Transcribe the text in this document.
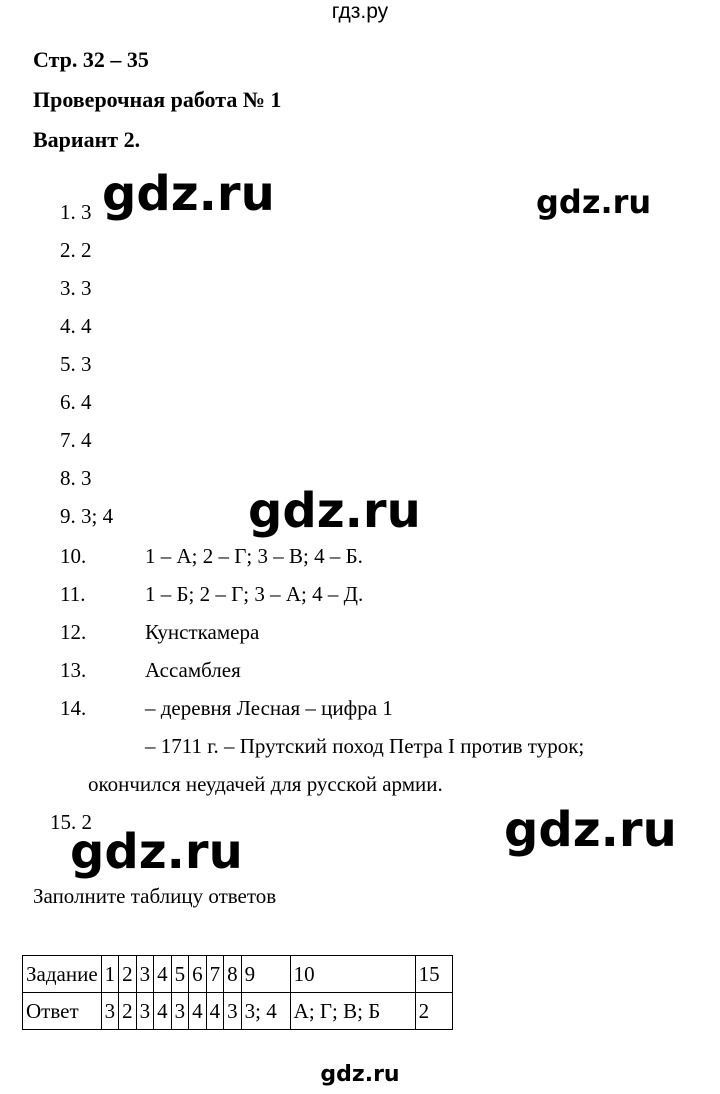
гдз.ру
Стр. 32 – 35
Проверочная работа № 1
Вариант 2.
1. 3
2. 2
3. 3
4. 4
5. 3
6. 4
7. 4
8. 3
9. 3; 4
10.	1 – А; 2 – Г; 3 – В; 4 – Б.
11.	1 – Б; 2 – Г; 3 – А; 4 – Д.
12.	Кунсткамера
13.	Ассамблея
14.	– деревня Лесная – цифра 1
– 1711 г. – Прутский поход Петра I против турок;
окончился неудачей для русской армии.
15. 2
Заполните таблицу ответов
Задание	1	2	3	4	5	6	7	8	9	10	15
Ответ	3	2	3	4	3	4	4	3	3; 4	А; Г; В; Б	2
gdz.ru	gdz.ru
gdz.ru
gdz.ru
gdz.ru
gdz.ru
